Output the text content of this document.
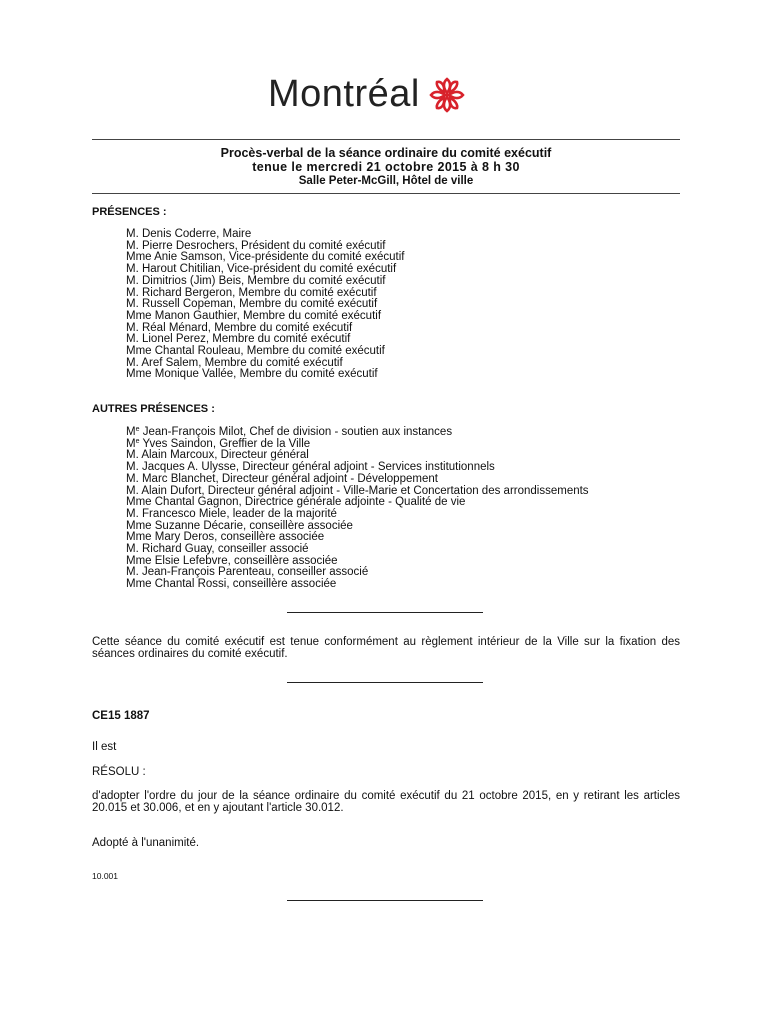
Montréal
Procès-verbal de la séance ordinaire du comité exécutif
tenue le mercredi 21 octobre 2015 à 8 h 30
Salle Peter-McGill, Hôtel de ville
PRÉSENCES :
M. Denis Coderre, Maire
M. Pierre Desrochers, Président du comité exécutif
Mme Anie Samson, Vice-présidente du comité exécutif
M. Harout Chitilian, Vice-président du comité exécutif
M. Dimitrios (Jim) Beis, Membre du comité exécutif
M. Richard Bergeron, Membre du comité exécutif
M. Russell Copeman, Membre du comité exécutif
Mme Manon Gauthier, Membre du comité exécutif
M. Réal Ménard, Membre du comité exécutif
M. Lionel Perez, Membre du comité exécutif
Mme Chantal Rouleau, Membre du comité exécutif
M. Aref Salem, Membre du comité exécutif
Mme Monique Vallée, Membre du comité exécutif
AUTRES PRÉSENCES :
Me Jean-François Milot, Chef de division - soutien aux instances
Me Yves Saindon, Greffier de la Ville
M. Alain Marcoux, Directeur général
M. Jacques A. Ulysse, Directeur général adjoint - Services institutionnels
M. Marc Blanchet, Directeur général adjoint - Développement
M. Alain Dufort, Directeur général adjoint - Ville-Marie et Concertation des arrondissements
Mme Chantal Gagnon, Directrice générale adjointe - Qualité de vie
M. Francesco Miele, leader de la majorité
Mme Suzanne Décarie, conseillère associée
Mme Mary Deros, conseillère associée
M. Richard Guay, conseiller associé
Mme Elsie Lefebvre, conseillère associée
M. Jean-François Parenteau, conseiller associé
Mme Chantal Rossi, conseillère associée

Cette séance du comité exécutif est tenue conformément au règlement intérieur de la Ville sur la fixation des séances ordinaires du comité exécutif.

CE15 1887
Il est
RÉSOLU :

d'adopter l'ordre du jour de la séance ordinaire du comité exécutif du 21 octobre 2015, en y retirant les articles 20.015 et 30.006, et en y ajoutant l'article 30.012.

Adopté à l'unanimité.
10.001
